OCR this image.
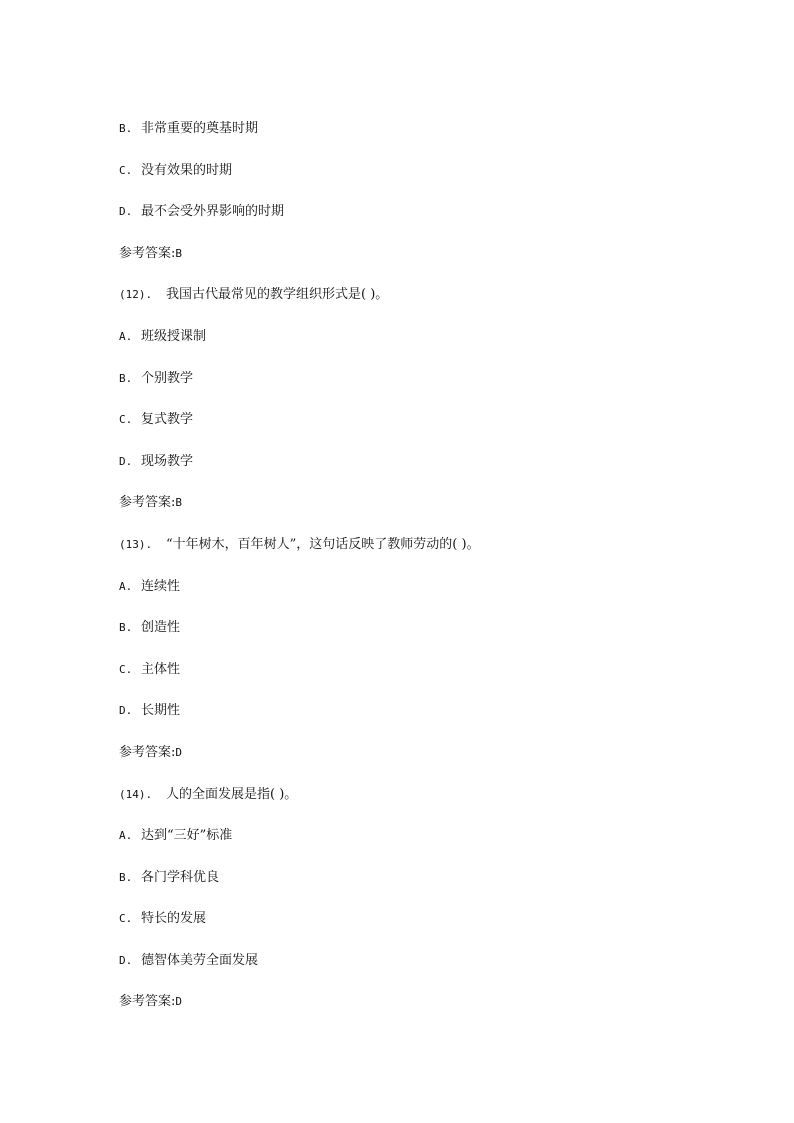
B. 非常重要的奠基时期
C. 没有效果的时期
D. 最不会受外界影响的时期
参考答案: B
(12).	我国古代最常见的教学组织形式是( )。
A. 班级授课制
B. 个别教学
C. 复式教学
D. 现场教学
参考答案: B
(13).	“十年树木，百年树人”，这句话反映了教师劳动的( )。
A. 连续性
B. 创造性
C. 主体性
D. 长期性
参考答案: D
(14).	人的全面发展是指( )。
A. 达到“三好”标准
B. 各门学科优良
C. 特长的发展
D. 德智体美劳全面发展
参考答案: D
